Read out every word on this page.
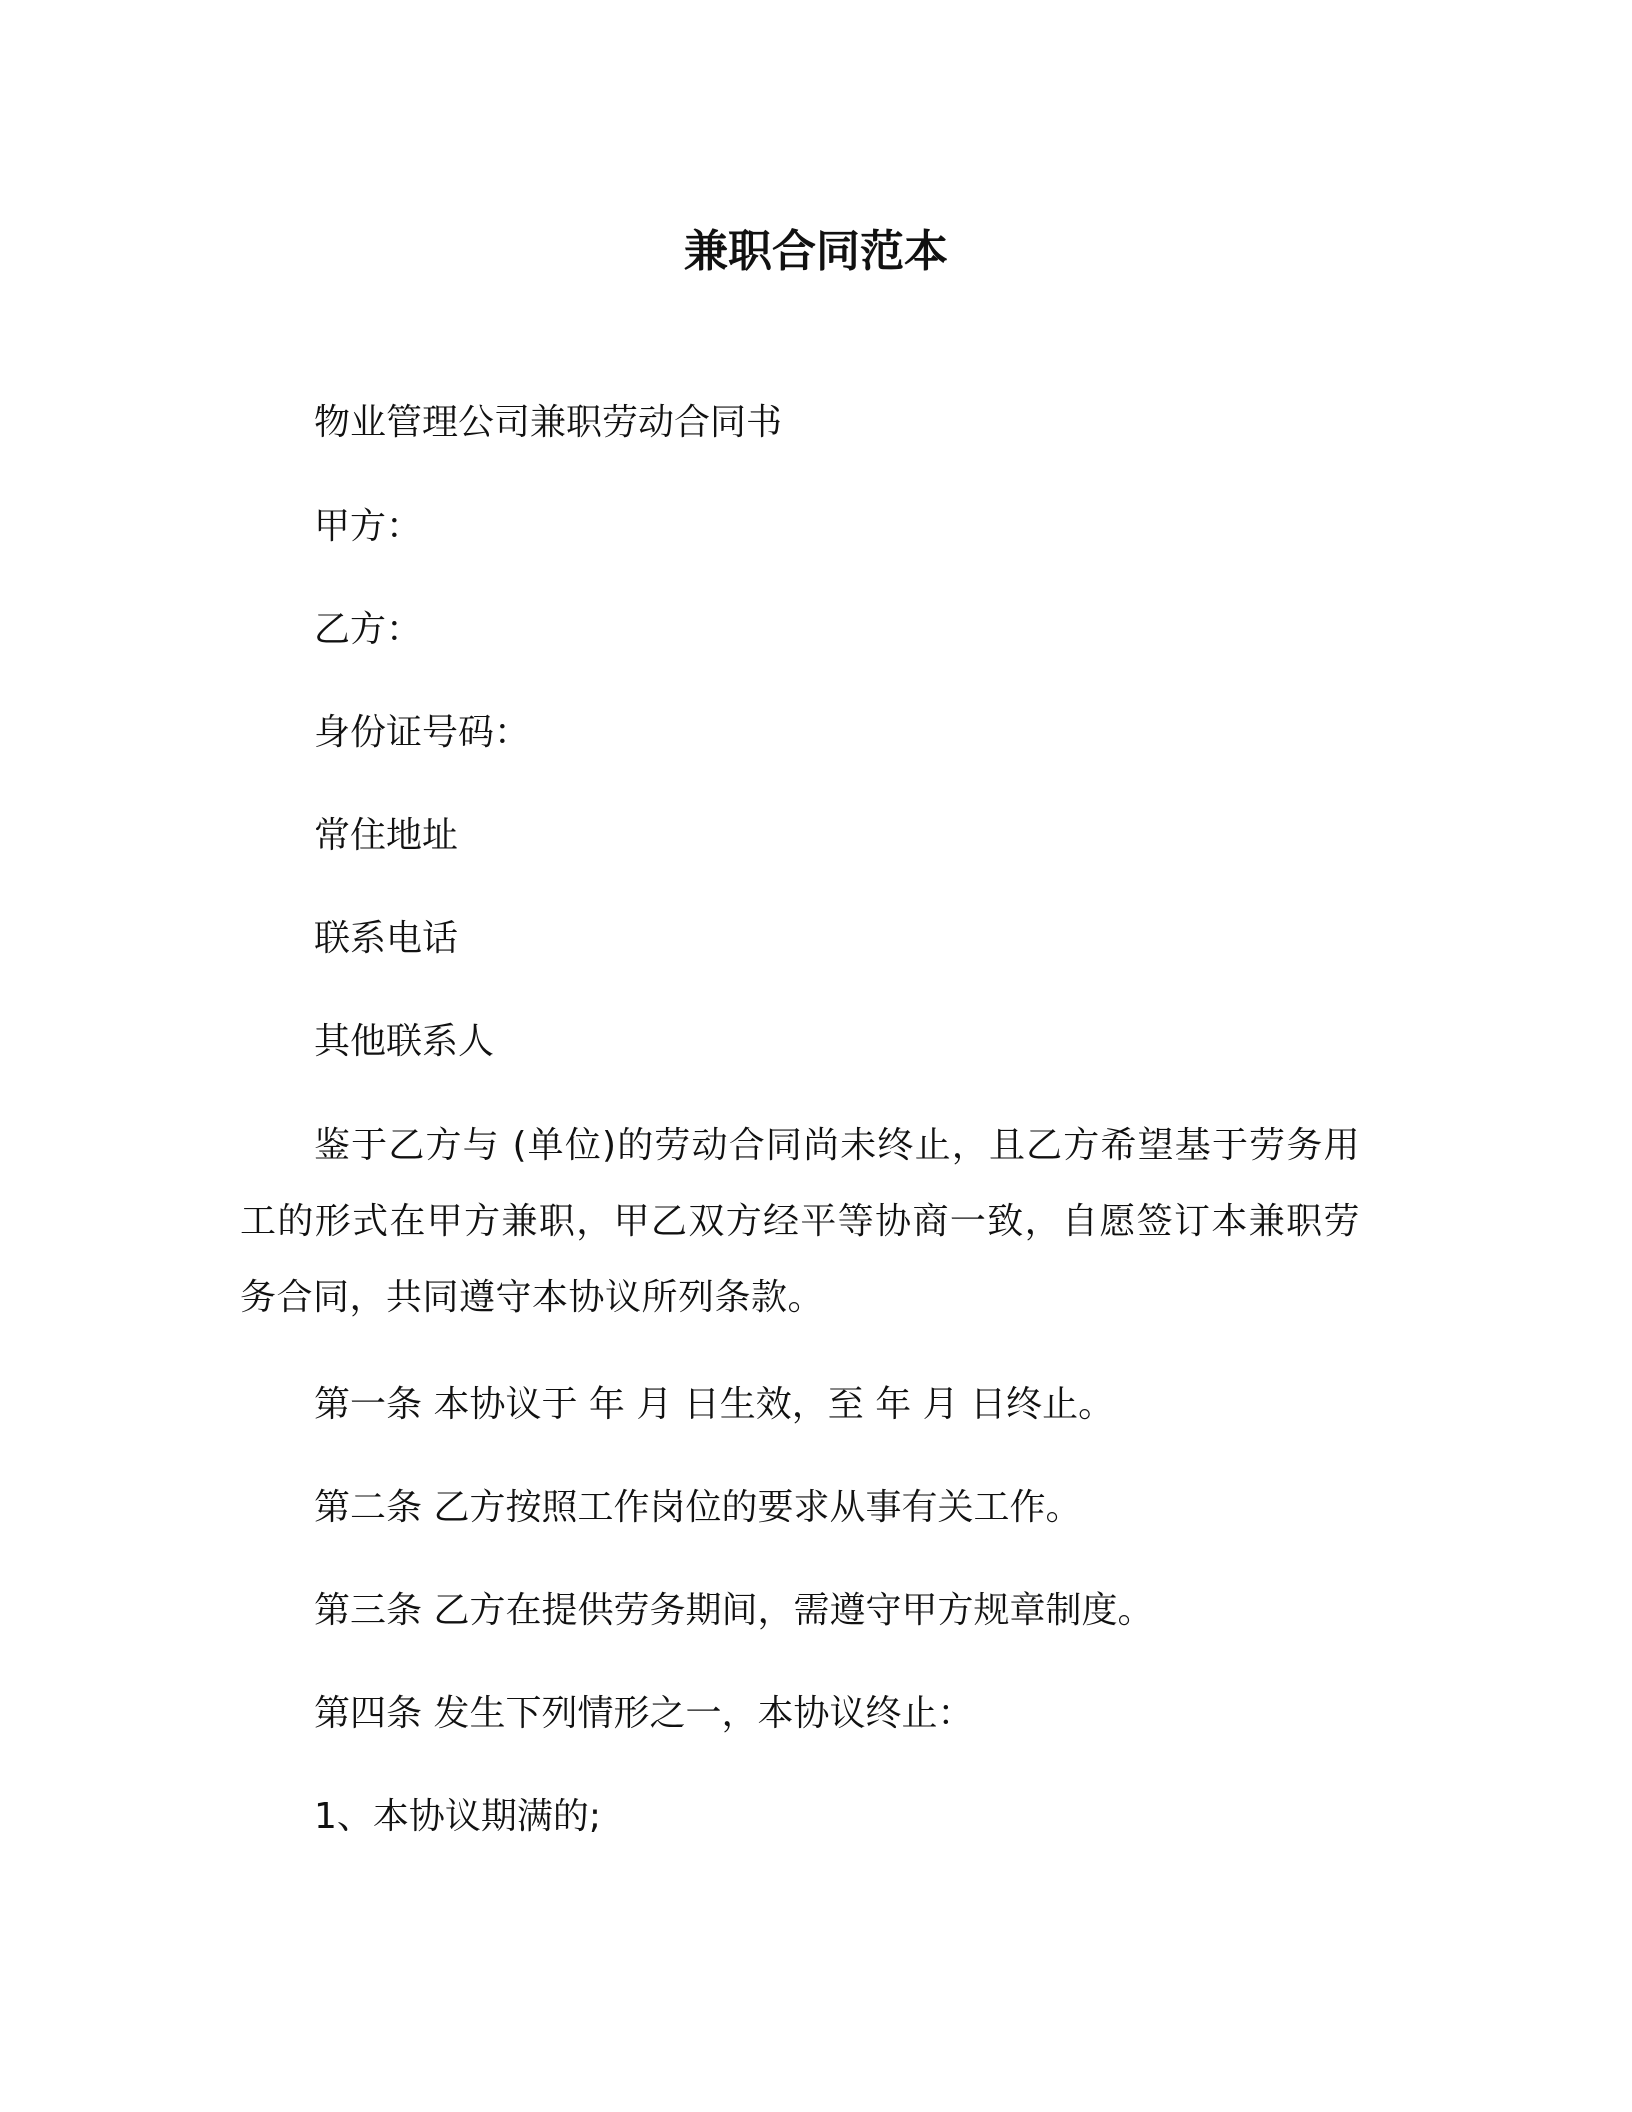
兼职合同范本

物业管理公司兼职劳动合同书

甲方：

乙方：

身份证号码：

常住地址

联系电话

其他联系人

鉴于乙方与 (单位)的劳动合同尚未终止，且乙方希望基于劳务用工的形式在甲方兼职，甲乙双方经平等协商一致，自愿签订本兼职劳务合同，共同遵守本协议所列条款。

第一条 本协议于 年 月 日生效，至 年 月 日终止。

第二条 乙方按照工作岗位的要求从事有关工作。

第三条 乙方在提供劳务期间，需遵守甲方规章制度。

第四条 发生下列情形之一，本协议终止：

1、本协议期满的;
